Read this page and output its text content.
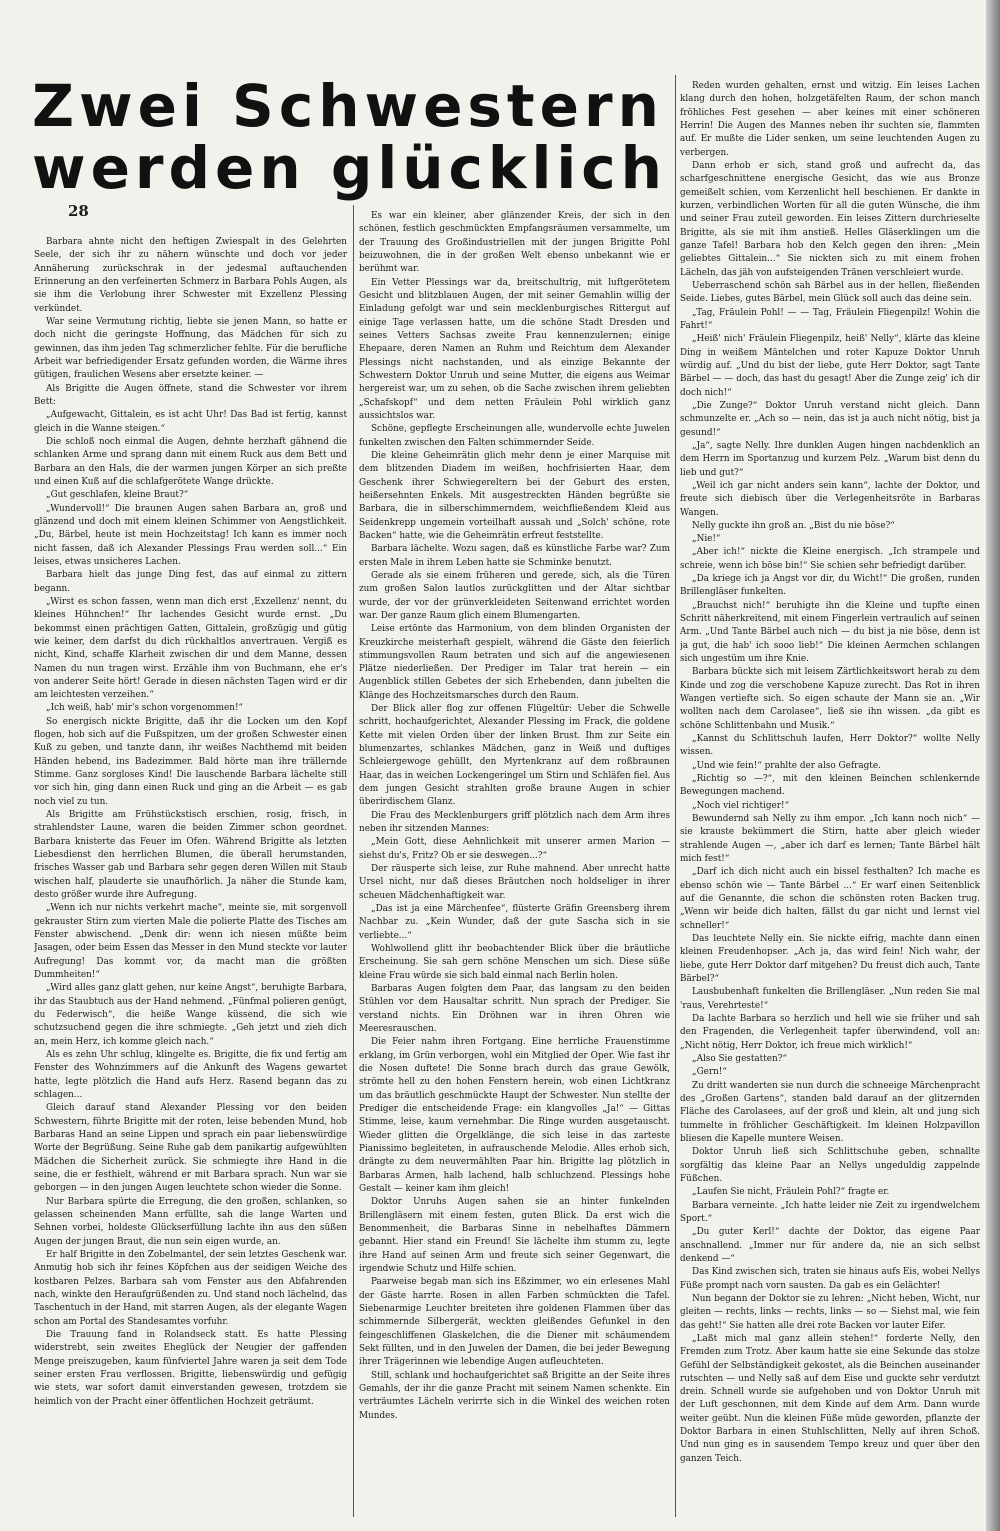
Zwei Schwestern
werden glücklich
28

Barbara ahnte nicht den heftigen Zwiespalt in des Gelehrten Seele, der sich ihr zu nähern wünschte und doch vor jeder Annäherung zurückschrak in der jedesmal auftauchenden Erinnerung an den verfeinerten Schmerz in Barbara Pohls Augen, als sie ihm die Verlobung ihrer Schwester mit Exzellenz Plessing verkündet.

War seine Vermutung richtig, liebte sie jenen Mann, so hatte er doch nicht die geringste Hoffnung, das Mädchen für sich zu gewinnen, das ihm jeden Tag schmerzlicher fehlte. Für die berufliche Arbeit war befriedigender Ersatz gefunden worden, die Wärme ihres gütigen, fraulichen Wesens aber ersetzte keiner. —

Als Brigitte die Augen öffnete, stand die Schwester vor ihrem Bett:

„Aufgewacht, Gittalein, es ist acht Uhr! Das Bad ist fertig, kannst gleich in die Wanne steigen.“

Die schloß noch einmal die Augen, dehnte herzhaft gähnend die schlanken Arme und sprang dann mit einem Ruck aus dem Bett und Barbara an den Hals, die der warmen jungen Körper an sich preßte und einen Kuß auf die schlafgerötete Wange drückte.

„Gut geschlafen, kleine Braut?“

„Wundervoll!“ Die braunen Augen sahen Barbara an, groß und glänzend und doch mit einem kleinen Schimmer von Aengstlichkeit. „Du, Bärbel, heute ist mein Hochzeitstag! Ich kann es immer noch nicht fassen, daß ich Alexander Plessings Frau werden soll...“ Ein leises, etwas unsicheres Lachen.

Barbara hielt das junge Ding fest, das auf einmal zu zittern begann.

„Wirst es schon fassen, wenn man dich erst ‚Exzellenz‘ nennt, du kleines Hühnchen!“ Ihr lachendes Gesicht wurde ernst. „Du bekommst einen prächtigen Gatten, Gittalein, großzügig und gütig wie keiner, dem darfst du dich rückhaltlos anvertrauen. Vergiß es nicht, Kind, schaffe Klarheit zwischen dir und dem Manne, dessen Namen du nun tragen wirst. Erzähle ihm von Buchmann, ehe er's von anderer Seite hört! Gerade in diesen nächsten Tagen wird er dir am leichtesten verzeihen.“

„Ich weiß, hab' mir's schon vorgenommen!“

So energisch nickte Brigitte, daß ihr die Locken um den Kopf flogen, hob sich auf die Fußspitzen, um der großen Schwester einen Kuß zu geben, und tanzte dann, ihr weißes Nachthemd mit beiden Händen hebend, ins Badezimmer. Bald hörte man ihre trällernde Stimme. Ganz sorgloses Kind! Die lauschende Barbara lächelte still vor sich hin, ging dann einen Ruck und ging an die Arbeit — es gab noch viel zu tun.

Als Brigitte am Frühstückstisch erschien, rosig, frisch, in strahlendster Laune, waren die beiden Zimmer schon geordnet. Barbara knisterte das Feuer im Ofen. Während Brigitte als letzten Liebesdienst den herrlichen Blumen, die überall herumstanden, frisches Wasser gab und Barbara sehr gegen deren Willen mit Staub wischen half, plauderte sie unaufhörlich. Ja näher die Stunde kam, desto größer wurde ihre Aufregung.

„Wenn ich nur nichts verkehrt mache“, meinte sie, mit sorgenvoll gekrauster Stirn zum vierten Male die polierte Platte des Tisches am Fenster abwischend. „Denk dir: wenn ich niesen müßte beim Jasagen, oder beim Essen das Messer in den Mund steckte vor lauter Aufregung! Das kommt vor, da macht man die größten Dummheiten!“

„Wird alles ganz glatt gehen, nur keine Angst“, beruhigte Barbara, ihr das Staubtuch aus der Hand nehmend. „Fünfmal polieren genügt, du Federwisch“, die heiße Wange küssend, die sich wie schutzsuchend gegen die ihre schmiegte. „Geh jetzt und zieh dich an, mein Herz, ich komme gleich nach.“

Als es zehn Uhr schlug, klingelte es. Brigitte, die fix und fertig am Fenster des Wohnzimmers auf die Ankunft des Wagens gewartet hatte, legte plötzlich die Hand aufs Herz. Rasend begann das zu schlagen...

Gleich darauf stand Alexander Plessing vor den beiden Schwestern, führte Brigitte mit der roten, leise bebenden Mund, hob Barbaras Hand an seine Lippen und sprach ein paar liebenswürdige Worte der Begrüßung. Seine Ruhe gab dem panikartig aufgewühlten Mädchen die Sicherheit zurück. Sie schmiegte ihre Hand in die seine, die er festhielt, während er mit Barbara sprach. Nun war sie geborgen — in den jungen Augen leuchtete schon wieder die Sonne.

Nur Barbara spürte die Erregung, die den großen, schlanken, so gelassen scheinenden Mann erfüllte, sah die lange Warten und Sehnen vorbei, holdeste Glückserfüllung lachte ihn aus den süßen Augen der jungen Braut, die nun sein eigen wurde, an.

Er half Brigitte in den Zobelmantel, der sein letztes Geschenk war. Anmutig hob sich ihr feines Köpfchen aus der seidigen Weiche des kostbaren Pelzes. Barbara sah vom Fenster aus den Abfahrenden nach, winkte den Heraufgrüßenden zu. Und stand noch lächelnd, das Taschentuch in der Hand, mit starren Augen, als der elegante Wagen schon am Portal des Standesamtes vorfuhr.

Die Trauung fand in Rolandseck statt. Es hatte Plessing widerstrebt, sein zweites Eheglück der Neugier der gaffenden Menge preiszugeben, kaum fünfviertel Jahre waren ja seit dem Tode seiner ersten Frau verflossen. Brigitte, liebenswürdig und gefügig wie stets, war sofort damit einverstanden gewesen, trotzdem sie heimlich von der Pracht einer öffentlichen Hochzeit geträumt.

Es war ein kleiner, aber glänzender Kreis, der sich in den schönen, festlich geschmückten Empfangsräumen versammelte, um der Trauung des Großindustriellen mit der jungen Brigitte Pohl beizuwohnen, die in der großen Welt ebenso unbekannt wie er berühmt war.

Ein Vetter Plessings war da, breitschultrig, mit luftgerötetem Gesicht und blitzblauen Augen, der mit seiner Gemahlin willig der Einladung gefolgt war und sein mecklenburgisches Rittergut auf einige Tage verlassen hatte, um die schöne Stadt Dresden und seines Vetters Sachsas zweite Frau kennenzulernen; einige Ehepaare, deren Namen an Ruhm und Reichtum dem Alexander Plessings nicht nachstanden, und als einzige Bekannte der Schwestern Doktor Unruh und seine Mutter, die eigens aus Weimar hergereist war, um zu sehen, ob die Sache zwischen ihrem geliebten „Schafskopf“ und dem netten Fräulein Pohl wirklich ganz aussichtslos war.

Schöne, gepflegte Erscheinungen alle, wundervolle echte Juwelen funkelten zwischen den Falten schimmernder Seide.

Die kleine Geheimrätin glich mehr denn je einer Marquise mit dem blitzenden Diadem im weißen, hochfrisierten Haar, dem Geschenk ihrer Schwiegereltern bei der Geburt des ersten, heißersehnten Enkels. Mit ausgestreckten Händen begrüßte sie Barbara, die in silberschimmerndem, weichfließendem Kleid aus Seidenkrepp ungemein vorteilhaft aussah und „Solch' schöne, rote Backen“ hatte, wie die Geheimrätin erfreut feststellte.

Barbara lächelte. Wozu sagen, daß es künstliche Farbe war? Zum ersten Male in ihrem Leben hatte sie Schminke benutzt.

Gerade als sie einem früheren und gerede, sich, als die Türen zum großen Salon lautlos zurückglitten und der Altar sichtbar wurde, der vor der grünverkleideten Seitenwand errichtet worden war. Der ganze Raum glich einem Blumengarten.

Leise ertönte das Harmonium, von dem blinden Organisten der Kreuzkirche meisterhaft gespielt, während die Gäste den feierlich stimmungsvollen Raum betraten und sich auf die angewiesenen Plätze niederließen. Der Prediger im Talar trat herein — ein Augenblick stillen Gebetes der sich Erhebenden, dann jubelten die Klänge des Hochzeitsmarsches durch den Raum.

Der Blick aller flog zur offenen Flügeltür: Ueber die Schwelle schritt, hochaufgerichtet, Alexander Plessing im Frack, die goldene Kette mit vielen Orden über der linken Brust. Ihm zur Seite ein blumenzartes, schlankes Mädchen, ganz in Weiß und duftiges Schleiergewoge gehüllt, den Myrtenkranz auf dem roßbraunen Haar, das in weichen Lockengeringel um Stirn und Schläfen fiel. Aus dem jungen Gesicht strahlten große braune Augen in schier überirdischem Glanz.

Die Frau des Mecklenburgers griff plötzlich nach dem Arm ihres neben ihr sitzenden Mannes:

„Mein Gott, diese Aehnlichkeit mit unserer armen Marion — siehst du's, Fritz? Ob er sie deswegen...?“

Der räusperte sich leise, zur Ruhe mahnend. Aber unrecht hatte Ursel nicht, nur daß dieses Bräutchen noch holdseliger in ihrer scheuen Mädchenhaftigkeit war.

„Das ist ja eine Märchenfee“, flüsterte Gräfin Greensberg ihrem Nachbar zu. „Kein Wunder, daß der gute Sascha sich in sie verliebte...“

Wohlwollend glitt ihr beobachtender Blick über die bräutliche Erscheinung. Sie sah gern schöne Menschen um sich. Diese süße kleine Frau würde sie sich bald einmal nach Berlin holen.

Barbaras Augen folgten dem Paar, das langsam zu den beiden Stühlen vor dem Hausaltar schritt. Nun sprach der Prediger. Sie verstand nichts. Ein Dröhnen war in ihren Ohren wie Meeresrauschen.

Die Feier nahm ihren Fortgang. Eine herrliche Frauenstimme erklang, im Grün verborgen, wohl ein Mitglied der Oper. Wie fast ihr die Nosen duftete! Die Sonne brach durch das graue Gewölk, strömte hell zu den hohen Fenstern herein, wob einen Lichtkranz um das bräutlich geschmückte Haupt der Schwester. Nun stellte der Prediger die entscheidende Frage: ein klangvolles „Ja!“ — Gittas Stimme, leise, kaum vernehmbar. Die Ringe wurden ausgetauscht. Wieder glitten die Orgelklänge, die sich leise in das zarteste Pianissimo begleiteten, in aufrauschende Melodie. Alles erhob sich, drängte zu dem neuvermählten Paar hin. Brigitte lag plötzlich in Barbaras Armen, halb lachend, halb schluchzend. Plessings hohe Gestalt — keiner kam ihm gleich!

Doktor Unruhs Augen sahen sie an hinter funkelnden Brillengläsern mit einem festen, guten Blick. Da erst wich die Benommenheit, die Barbaras Sinne in nebelhaftes Dämmern gebannt. Hier stand ein Freund! Sie lächelte ihm stumm zu, legte ihre Hand auf seinen Arm und freute sich seiner Gegenwart, die irgendwie Schutz und Hilfe schien.

Paarweise begab man sich ins Eßzimmer, wo ein erlesenes Mahl der Gäste harrte. Rosen in allen Farben schmückten die Tafel. Siebenarmige Leuchter breiteten ihre goldenen Flammen über das schimmernde Silbergerät, weckten gleißendes Gefunkel in den feingeschliffenen Glaskelchen, die die Diener mit schäumendem Sekt füllten, und in den Juwelen der Damen, die bei jeder Bewegung ihrer Trägerinnen wie lebendige Augen aufleuchteten.

Still, schlank und hochaufgerichtet saß Brigitte an der Seite ihres Gemahls, der ihr die ganze Pracht mit seinem Namen schenkte. Ein verträumtes Lächeln verirrte sich in die Winkel des weichen roten Mundes.

Reden wurden gehalten, ernst und witzig. Ein leises Lachen klang durch den hohen, holzgetäfelten Raum, der schon manch fröhliches Fest gesehen — aber keines mit einer schöneren Herrin! Die Augen des Mannes neben ihr suchten sie, flammten auf. Er mußte die Lider senken, um seine leuchtenden Augen zu verbergen.

Dann erhob er sich, stand groß und aufrecht da, das scharfgeschnittene energische Gesicht, das wie aus Bronze gemeißelt schien, vom Kerzenlicht hell beschienen. Er dankte in kurzen, verbindlichen Worten für all die guten Wünsche, die ihm und seiner Frau zuteil geworden. Ein leises Zittern durchrieselte Brigitte, als sie mit ihm anstieß. Helles Gläserklingen um die ganze Tafel! Barbara hob den Kelch gegen den ihren: „Mein geliebtes Gittalein...“ Sie nickten sich zu mit einem frohen Lächeln, das jäh von aufsteigenden Tränen verschleiert wurde.

Ueberraschend schön sah Bärbel aus in der hellen, fließenden Seide. Liebes, gutes Bärbel, mein Glück soll auch das deine sein.

„Tag, Fräulein Pohl! — — Tag, Fräulein Fliegenpilz! Wohin die Fahrt!“

„Heiß' nich' Fräulein Fliegenpilz, heiß' Nelly“, klärte das kleine Ding in weißem Mäntelchen und roter Kapuze Doktor Unruh würdig auf. „Und du bist der liebe, gute Herr Doktor, sagt Tante Bärbel — — doch, das hast du gesagt! Aber die Zunge zeig' ich dir doch nich!“

„Die Zunge?“ Doktor Unruh verstand nicht gleich. Dann schmunzelte er. „Ach so — nein, das ist ja auch nicht nötig, bist ja gesund!“

„Ja“, sagte Nelly. Ihre dunklen Augen hingen nachdenklich an dem Herrn im Sportanzug und kurzem Pelz. „Warum bist denn du lieb und gut?“

„Weil ich gar nicht anders sein kann“, lachte der Doktor, und freute sich diebisch über die Verlegenheitsröte in Barbaras Wangen.

Nelly guckte ihn groß an. „Bist du nie böse?“

„Nie!“

„Aber ich!“ nickte die Kleine energisch. „Ich strampele und schreie, wenn ich böse bin!“ Sie schien sehr befriedigt darüber.

„Da kriege ich ja Angst vor dir, du Wicht!“ Die großen, runden Brillengläser funkelten.

„Brauchst nich!“ beruhigte ihn die Kleine und tupfte einen Schritt näherkreitend, mit einem Fingerlein vertraulich auf seinen Arm. „Und Tante Bärbel auch nich — du bist ja nie böse, denn ist ja gut, die hab' ich sooo lieb!“ Die kleinen Aermchen schlangen sich ungestüm um ihre Knie.

Barbara bückte sich mit leisem Zärtlichkeitswort herab zu dem Kinde und zog die verschobene Kapuze zurecht. Das Rot in ihren Wangen vertiefte sich. So eigen schaute der Mann sie an. „Wir wollten nach dem Carolasee“, ließ sie ihn wissen. „da gibt es schöne Schlittenbahn und Musik.“

„Kannst du Schlittschuh laufen, Herr Doktor?“ wollte Nelly wissen.

„Und wie fein!“ prahlte der also Gefragte.

„Richtig so —?“, mit den kleinen Beinchen schlenkernde Bewegungen machend.

„Noch viel richtiger!“

Bewundernd sah Nelly zu ihm empor. „Ich kann noch nich“ — sie krauste bekümmert die Stirn, hatte aber gleich wieder strahlende Augen —, „aber ich darf es lernen; Tante Bärbel hält mich fest!“

„Darf ich dich nicht auch ein bissel festhalten? Ich mache es ebenso schön wie — Tante Bärbel ...“ Er warf einen Seitenblick auf die Genannte, die schon die schönsten roten Backen trug. „Wenn wir beide dich halten, fällst du gar nicht und lernst viel schneller!“

Das leuchtete Nelly ein. Sie nickte eifrig, machte dann einen kleinen Freudenhopser. „Ach ja, das wird fein! Nich wahr, der liebe, gute Herr Doktor darf mitgehen? Du freust dich auch, Tante Bärbel?“

Lausbubenhaft funkelten die Brillengläser. „Nun reden Sie mal 'raus, Verehrteste!“

Da lachte Barbara so herzlich und hell wie sie früher und sah den Fragenden, die Verlegenheit tapfer überwindend, voll an: „Nicht nötig, Herr Doktor, ich freue mich wirklich!“

„Also Sie gestatten?“

„Gern!“

Zu dritt wanderten sie nun durch die schneeige Märchenpracht des „Großen Gartens“, standen bald darauf an der glitzernden Fläche des Carolasees, auf der groß und klein, alt und jung sich tummelte in fröhlicher Geschäftigkeit. Im kleinen Holzpavillon bliesen die Kapelle muntere Weisen.

Doktor Unruh ließ sich Schlittschuhe geben, schnallte sorgfältig das kleine Paar an Nellys ungeduldig zappelnde Füßchen.

„Laufen Sie nicht, Fräulein Pohl?“ fragte er.

Barbara verneinte. „Ich hatte leider nie Zeit zu irgendwelchem Sport.“

„Du guter Kerl!“ dachte der Doktor, das eigene Paar anschnallend. „Immer nur für andere da, nie an sich selbst denkend —“

Das Kind zwischen sich, traten sie hinaus aufs Eis, wobei Nellys Füße prompt nach vorn sausten. Da gab es ein Gelächter!

Nun begann der Doktor sie zu lehren: „Nicht heben, Wicht, nur gleiten — rechts, links — rechts, links — so — Siehst mal, wie fein das geht!“ Sie hatten alle drei rote Backen vor lauter Eifer.

„Laßt mich mal ganz allein stehen!“ forderte Nelly, den Fremden zum Trotz. Aber kaum hatte sie eine Sekunde das stolze Gefühl der Selbständigkeit gekostet, als die Beinchen auseinander rutschten — und Nelly saß auf dem Eise und guckte sehr verdutzt drein. Schnell wurde sie aufgehoben und von Doktor Unruh mit der Luft geschonnen, mit dem Kinde auf dem Arm. Dann wurde weiter geübt. Nun die kleinen Füße müde geworden, pflanzte der Doktor Barbara in einen Stuhlschlitten, Nelly auf ihren Schoß. Und nun ging es in sausendem Tempo kreuz und quer über den ganzen Teich.
